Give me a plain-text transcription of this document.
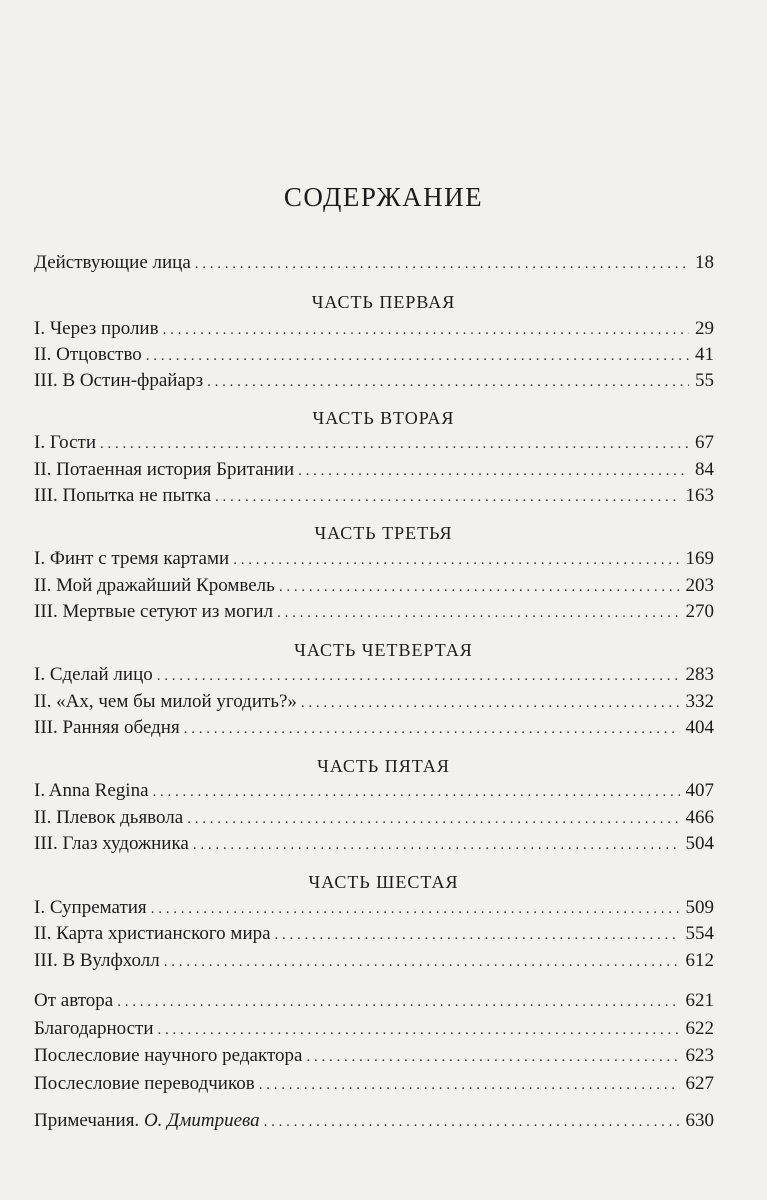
СОДЕРЖАНИЕ
Действующие лица . . .	18
ЧАСТЬ ПЕРВАЯ
I. Через пролив . . .	29
II. Отцовство . . .	41
III. В Остин-фрайарз . . .	55
ЧАСТЬ ВТОРАЯ
I. Гости . . .	67
II. Потаенная история Британии . . .	84
III. Попытка не пытка . . .	163
ЧАСТЬ ТРЕТЬЯ
I. Финт с тремя картами . . .	169
II. Мой дражайший Кромвель . . .	203
III. Мертвые сетуют из могил . . .	270
ЧАСТЬ ЧЕТВЕРТАЯ
I. Сделай лицо . . .	283
II. «Ах, чем бы милой угодить?» . . .	332
III. Ранняя обедня . . .	404
ЧАСТЬ ПЯТАЯ
I. Anna Regina . . .	407
II. Плевок дьявола . . .	466
III. Глаз художника . . .	504
ЧАСТЬ ШЕСТАЯ
I. Супрематия . . .	509
II. Карта христианского мира . . .	554
III. В Вулфхолл . . .	612
От автора . . .	621
Благодарности . . .	622
Послесловие научного редактора . . .	623
Послесловие переводчиков . . .	627
Примечания. О. Дмитриева . . .	630
